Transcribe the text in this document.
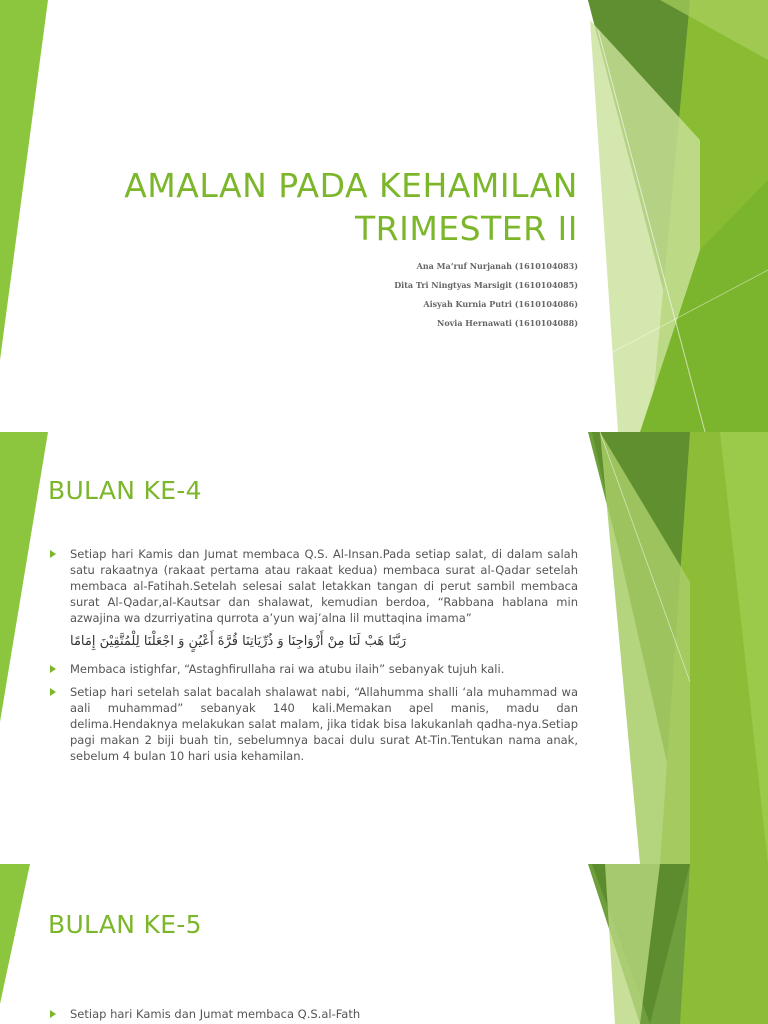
AMALAN PADA KEHAMILAN
TRIMESTER II
Ana Ma’ruf Nurjanah (1610104083)
Dita Tri Ningtyas Marsigit (1610104085)
Aisyah Kurnia Putri (1610104086)
Novia Hernawati (1610104088)
BULAN KE-4
Setiap hari Kamis dan Jumat membaca Q.S. Al-Insan.Pada setiap salat, di dalam salah satu rakaatnya (rakaat pertama atau rakaat kedua) membaca surat al-Qadar setelah membaca al-Fatihah.Setelah selesai salat letakkan tangan di perut sambil membaca surat Al-Qadar,al-Kautsar dan shalawat, kemudian berdoa, “Rabbana hablana min azwajina wa dzurriyatina qurrota a’yun waj’alna lil muttaqina imama”
رَبَّنَا هَبْ لَنَا مِنْ أَزْوَاجِنَا وَ ذُرِّيَاتِنَا قُرَّةَ أَعْيُنٍ وَ اجْعَلْنَا لِلْمُتَّقِيْنَ إِمَامًا
Membaca istighfar, “Astaghfirullaha rai wa atubu ilaih” sebanyak tujuh kali.
Setiap hari setelah salat bacalah shalawat nabi, “Allahumma shalli ‘ala muhammad wa aali muhammad” sebanyak 140 kali.Memakan apel manis, madu dan delima.Hendaknya melakukan salat malam, jika tidak bisa lakukanlah qadha-nya.Setiap pagi makan 2 biji buah tin, sebelumnya bacai dulu surat At-Tin.Tentukan nama anak, sebelum 4 bulan 10 hari usia kehamilan.
BULAN KE-5
Setiap hari Kamis dan Jumat membaca Q.S.al-Fath
